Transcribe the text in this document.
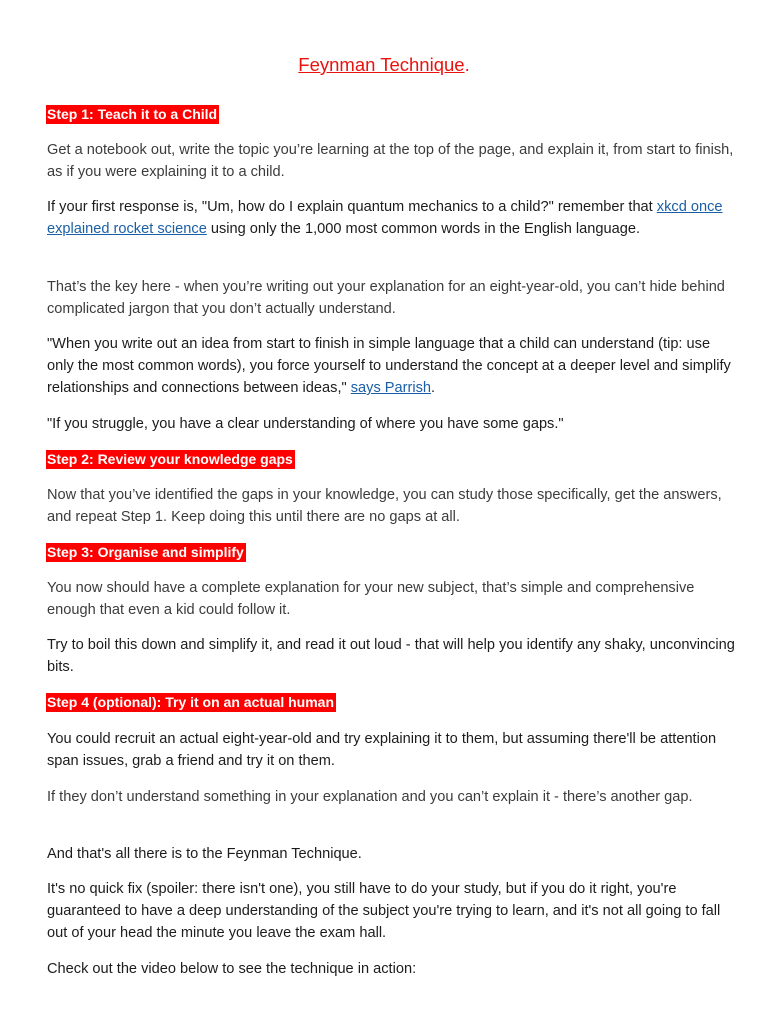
Feynman Technique.
Step 1: Teach it to a Child
Get a notebook out, write the topic you’re learning at the top of the page, and explain it, from start to finish, as if you were explaining it to a child.
If your first response is, "Um, how do I explain quantum mechanics to a child?" remember that xkcd once explained rocket science using only the 1,000 most common words in the English language.
That’s the key here - when you’re writing out your explanation for an eight-year-old, you can’t hide behind complicated jargon that you don’t actually understand.
"When you write out an idea from start to finish in simple language that a child can understand (tip: use only the most common words), you force yourself to understand the concept at a deeper level and simplify relationships and connections between ideas," says Parrish.
"If you struggle, you have a clear understanding of where you have some gaps."
Step 2: Review your knowledge gaps
Now that you’ve identified the gaps in your knowledge, you can study those specifically, get the answers, and repeat Step 1. Keep doing this until there are no gaps at all.
Step 3: Organise and simplify
You now should have a complete explanation for your new subject, that’s simple and comprehensive enough that even a kid could follow it.
Try to boil this down and simplify it, and read it out loud - that will help you identify any shaky, unconvincing bits.
Step 4 (optional): Try it on an actual human
You could recruit an actual eight-year-old and try explaining it to them, but assuming there'll be attention span issues, grab a friend and try it on them.
If they don’t understand something in your explanation and you can’t explain it - there’s another gap.
And that's all there is to the Feynman Technique.
It's no quick fix (spoiler: there isn't one), you still have to do your study, but if you do it right, you're guaranteed to have a deep understanding of the subject you're trying to learn, and it's not all going to fall out of your head the minute you leave the exam hall.
Check out the video below to see the technique in action:
